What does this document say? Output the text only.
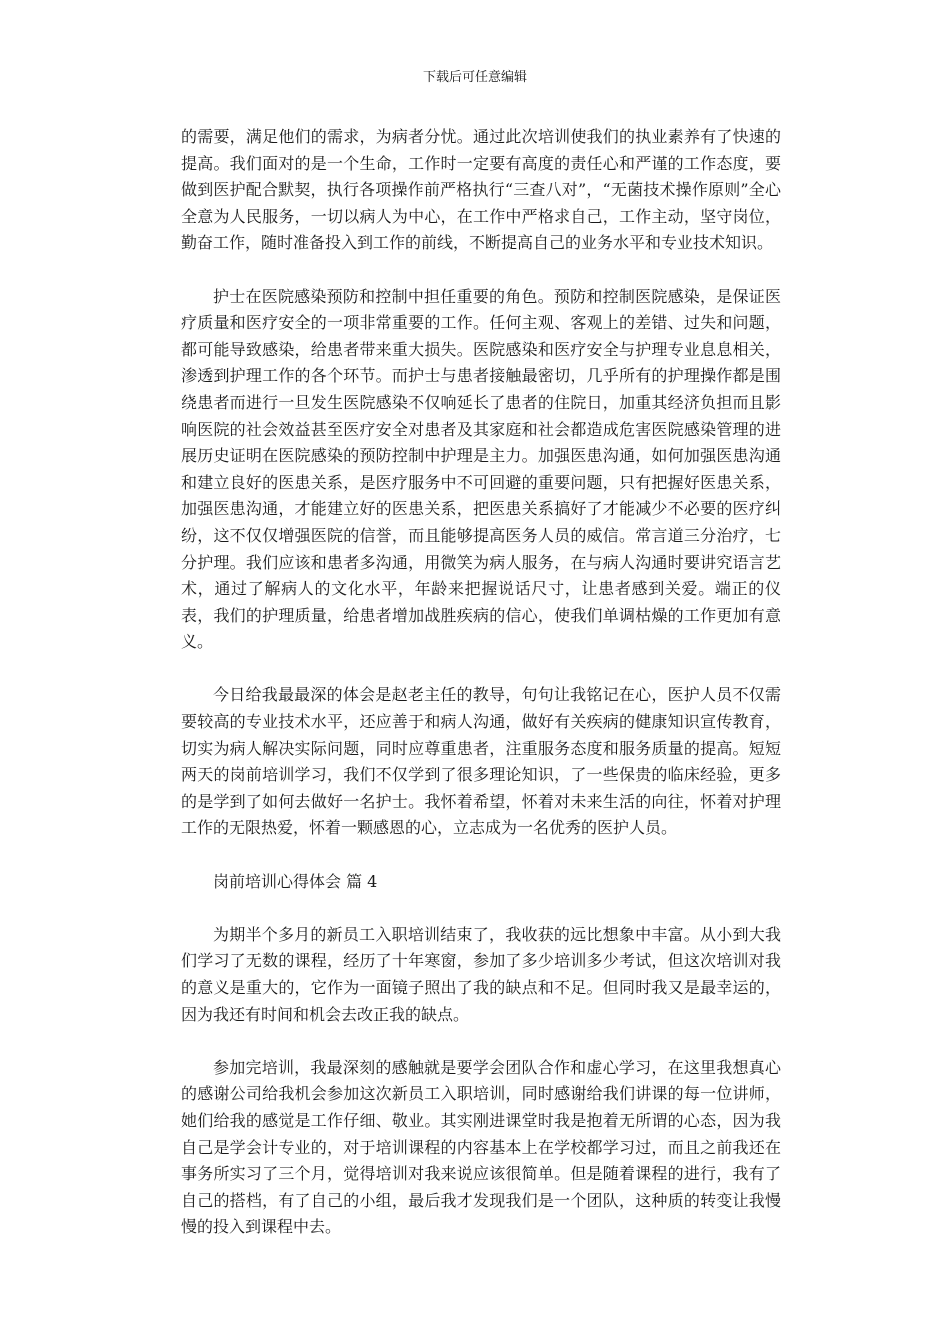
下载后可任意编辑

的需要，满足他们的需求，为病者分忧。通过此次培训使我们的执业素养有了快速的提高。我们面对的是一个生命，工作时一定要有高度的责任心和严谨的工作态度，要做到医护配合默契，执行各项操作前严格执行“三查八对”，“无菌技术操作原则”全心全意为人民服务，一切以病人为中心，在工作中严格求自己，工作主动，坚守岗位，勤奋工作，随时准备投入到工作的前线，不断提高自己的业务水平和专业技术知识。

护士在医院感染预防和控制中担任重要的角色。预防和控制医院感染，是保证医疗质量和医疗安全的一项非常重要的工作。任何主观、客观上的差错、过失和问题，都可能导致感染，给患者带来重大损失。医院感染和医疗安全与护理专业息息相关，渗透到护理工作的各个环节。而护士与患者接触最密切，几乎所有的护理操作都是围绕患者而进行一旦发生医院感染不仅响延长了患者的住院日，加重其经济负担而且影响医院的社会效益甚至医疗安全对患者及其家庭和社会都造成危害医院感染管理的进展历史证明在医院感染的预防控制中护理是主力。加强医患沟通，如何加强医患沟通和建立良好的医患关系，是医疗服务中不可回避的重要问题，只有把握好医患关系，加强医患沟通，才能建立好的医患关系，把医患关系搞好了才能减少不必要的医疗纠纷，这不仅仅增强医院的信誉，而且能够提高医务人员的威信。常言道三分治疗，七分护理。我们应该和患者多沟通，用微笑为病人服务，在与病人沟通时要讲究语言艺术，通过了解病人的文化水平，年龄来把握说话尺寸，让患者感到关爱。端正的仪表，我们的护理质量，给患者增加战胜疾病的信心，使我们单调枯燥的工作更加有意义。

今日给我最最深的体会是赵老主任的教导，句句让我铭记在心，医护人员不仅需要较高的专业技术水平，还应善于和病人沟通，做好有关疾病的健康知识宣传教育，切实为病人解决实际问题，同时应尊重患者，注重服务态度和服务质量的提高。短短两天的岗前培训学习，我们不仅学到了很多理论知识，了一些保贵的临床经验，更多的是学到了如何去做好一名护士。我怀着希望，怀着对未来生活的向往，怀着对护理工作的无限热爱，怀着一颗感恩的心，立志成为一名优秀的医护人员。

岗前培训心得体会 篇 4

为期半个多月的新员工入职培训结束了，我收获的远比想象中丰富。从小到大我们学习了无数的课程，经历了十年寒窗，参加了多少培训多少考试，但这次培训对我的意义是重大的，它作为一面镜子照出了我的缺点和不足。但同时我又是最幸运的，因为我还有时间和机会去改正我的缺点。

参加完培训，我最深刻的感触就是要学会团队合作和虚心学习，在这里我想真心的感谢公司给我机会参加这次新员工入职培训，同时感谢给我们讲课的每一位讲师，她们给我的感觉是工作仔细、敬业。其实刚进课堂时我是抱着无所谓的心态，因为我自己是学会计专业的，对于培训课程的内容基本上在学校都学习过，而且之前我还在事务所实习了三个月，觉得培训对我来说应该很简单。但是随着课程的进行，我有了自己的搭档，有了自己的小组，最后我才发现我们是一个团队，这种质的转变让我慢慢的投入到课程中去。
